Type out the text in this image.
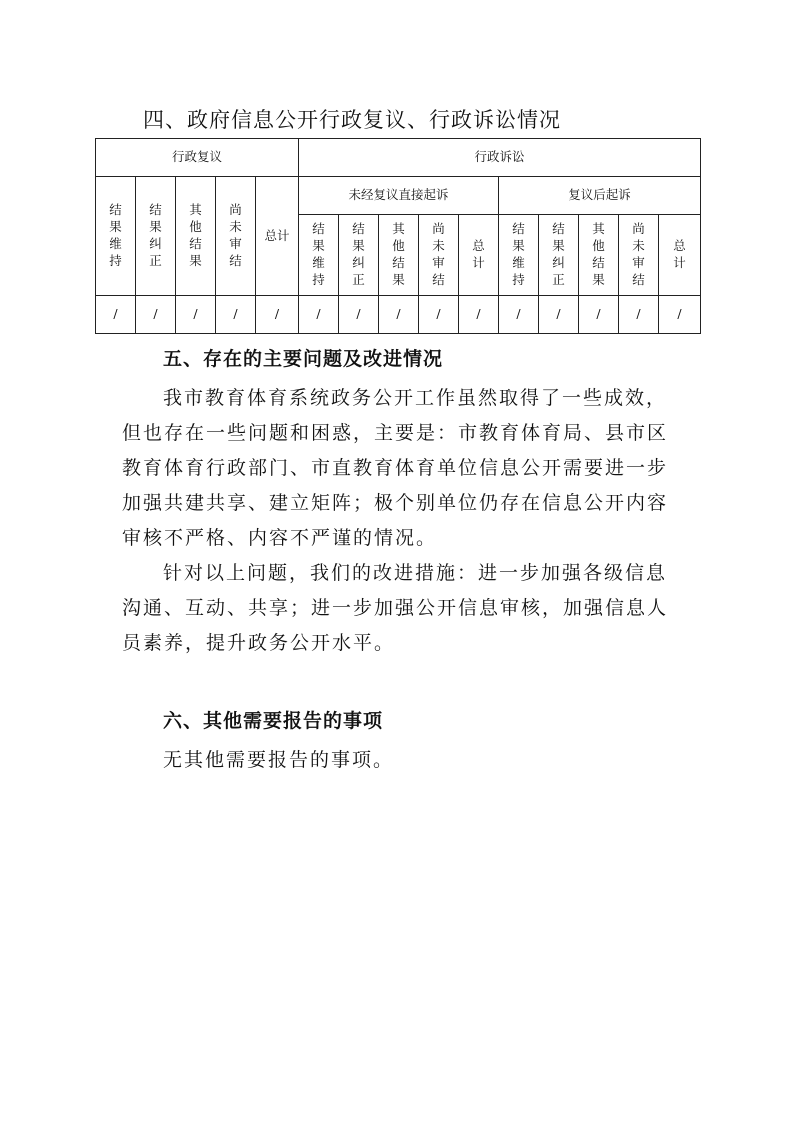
四、政府信息公开行政复议、行政诉讼情况
行政复议					行政诉讼									
结果维持	结果纠正	其他结果	尚未审结	总计	未经复议直接起诉					复议后起诉				
					结果维持	结果纠正	其他结果	尚未审结	总计	结果维持	结果纠正	其他结果	尚未审结	总计
/	/	/	/	/	/	/	/	/	/	/	/	/	/	/
五、存在的主要问题及改进情况

我市教育体育系统政务公开工作虽然取得了一些成效，但也存在一些问题和困惑，主要是：市教育体育局、县市区教育体育行政部门、市直教育体育单位信息公开需要进一步加强共建共享、建立矩阵；极个别单位仍存在信息公开内容审核不严格、内容不严谨的情况。

针对以上问题，我们的改进措施：进一步加强各级信息沟通、互动、共享；进一步加强公开信息审核，加强信息人员素养，提升政务公开水平。

六、其他需要报告的事项
无其他需要报告的事项。
